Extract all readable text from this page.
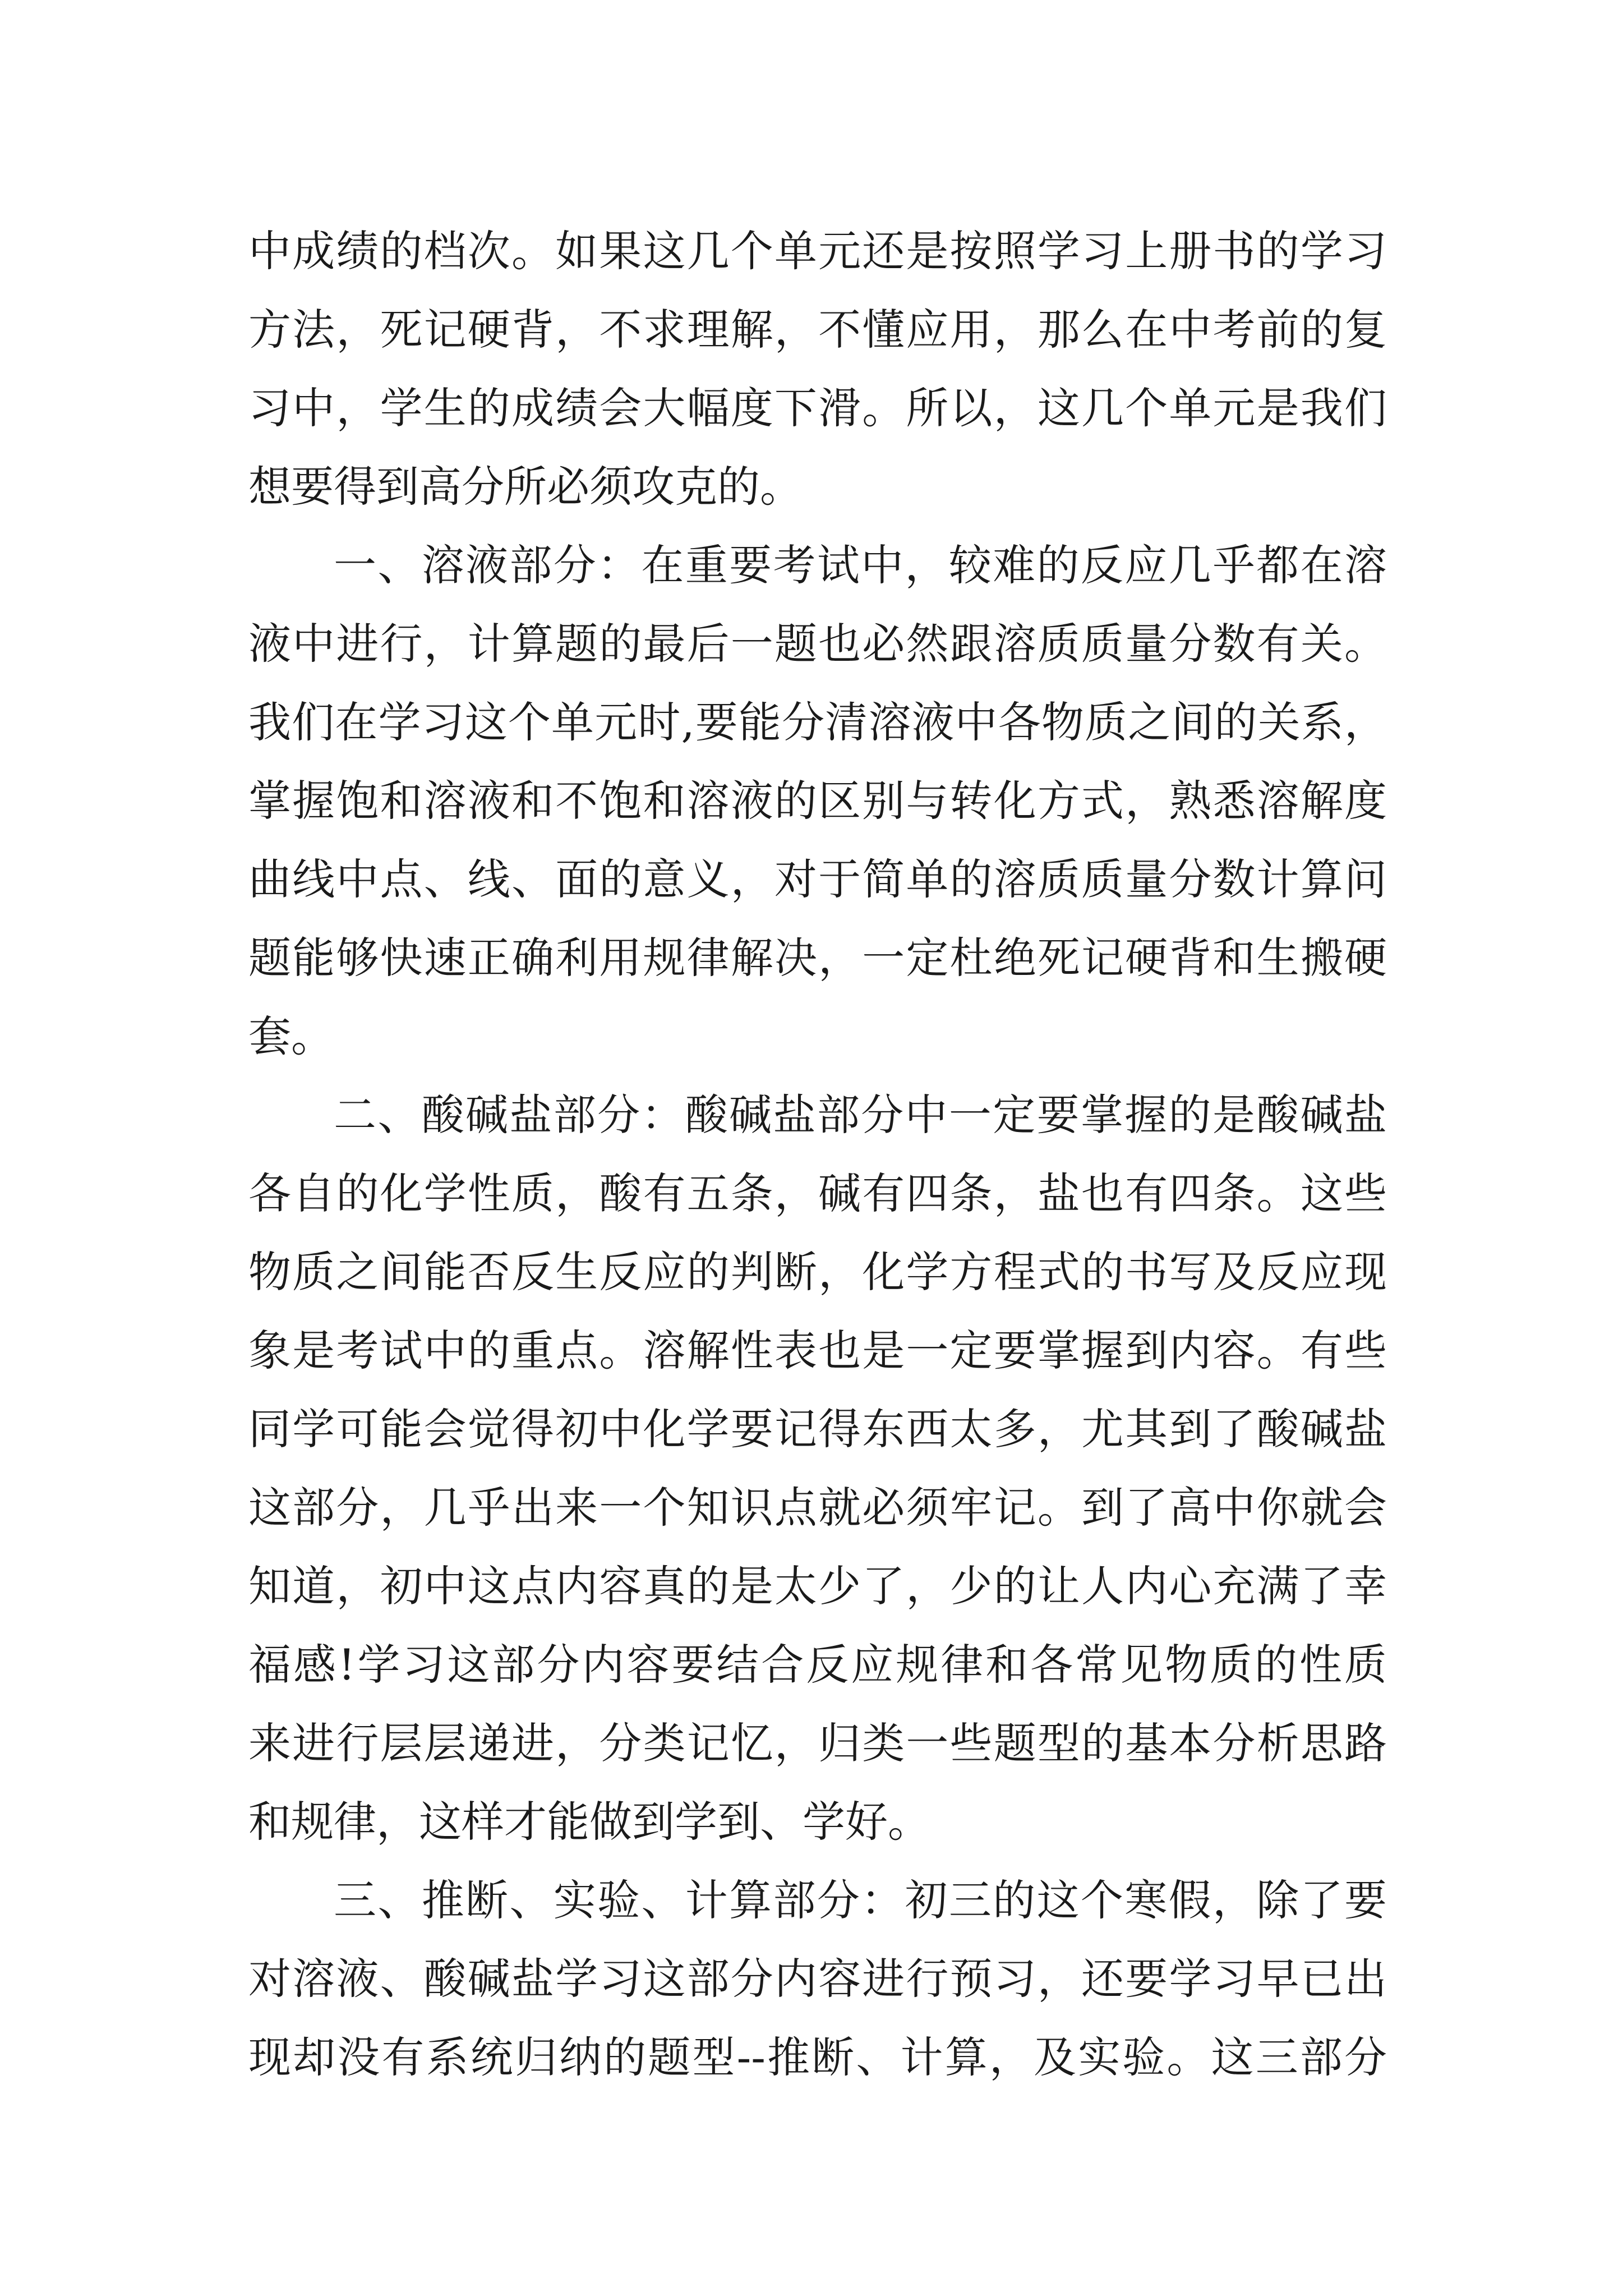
中成绩的档次。如果这几个单元还是按照学习上册书的学习
方法，死记硬背，不求理解，不懂应用，那么在中考前的复
习中，学生的成绩会大幅度下滑。所以，这几个单元是我们
想要得到高分所必须攻克的。
一、溶液部分：在重要考试中，较难的反应几乎都在溶
液中进行，计算题的最后一题也必然跟溶质质量分数有关。
我们在学习这个单元时,要能分清溶液中各物质之间的关系，
掌握饱和溶液和不饱和溶液的区别与转化方式，熟悉溶解度
曲线中点、线、面的意义，对于简单的溶质质量分数计算问
题能够快速正确利用规律解决，一定杜绝死记硬背和生搬硬
套。
二、酸碱盐部分：酸碱盐部分中一定要掌握的是酸碱盐
各自的化学性质，酸有五条，碱有四条，盐也有四条。这些
物质之间能否反生反应的判断，化学方程式的书写及反应现
象是考试中的重点。溶解性表也是一定要掌握到内容。有些
同学可能会觉得初中化学要记得东西太多，尤其到了酸碱盐
这部分，几乎出来一个知识点就必须牢记。到了高中你就会
知道，初中这点内容真的是太少了，少的让人内心充满了幸
福感!学习这部分内容要结合反应规律和各常见物质的性质
来进行层层递进，分类记忆，归类一些题型的基本分析思路
和规律，这样才能做到学到、学好。
三、推断、实验、计算部分：初三的这个寒假，除了要
对溶液、酸碱盐学习这部分内容进行预习，还要学习早已出
现却没有系统归纳的题型--推断、计算，及实验。这三部分
